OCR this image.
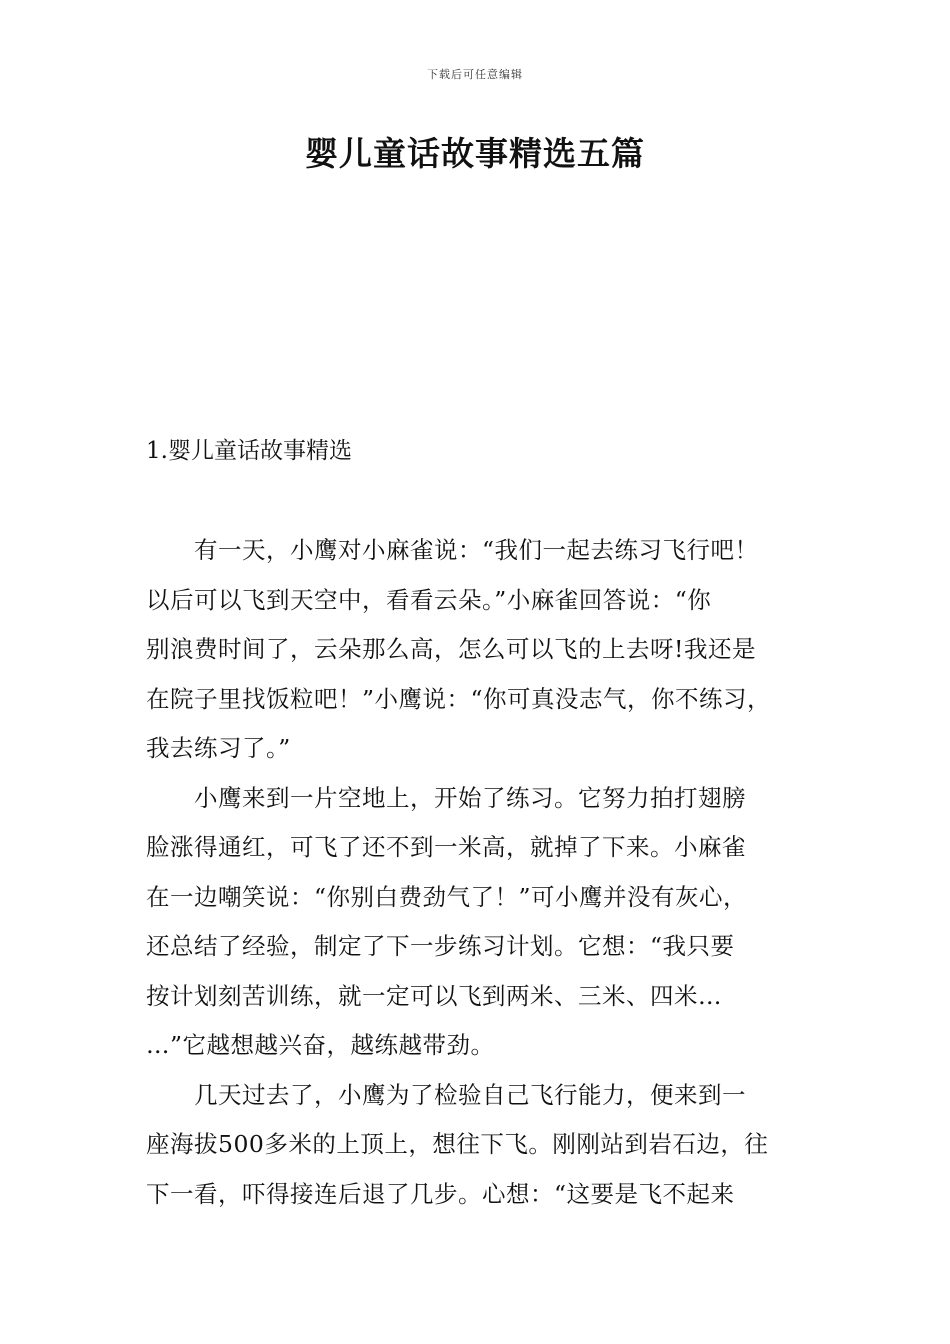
下载后可任意编辑
婴儿童话故事精选五篇
1.婴儿童话故事精选
有一天，小鹰对小麻雀说：“我们一起去练习飞行吧！
以后可以飞到天空中，看看云朵。”小麻雀回答说：“你
别浪费时间了，云朵那么高，怎么可以飞的上去呀!我还是
在院子里找饭粒吧！”小鹰说：“你可真没志气，你不练习，
我去练习了。”
小鹰来到一片空地上，开始了练习。它努力拍打翅膀
脸涨得通红，可飞了还不到一米高，就掉了下来。小麻雀
在一边嘲笑说：“你别白费劲气了！”可小鹰并没有灰心，
还总结了经验，制定了下一步练习计划。它想：“我只要
按计划刻苦训练，就一定可以飞到两米、三米、四米…
…”它越想越兴奋，越练越带劲。
几天过去了，小鹰为了检验自己飞行能力，便来到一
座海拔500多米的上顶上，想往下飞。刚刚站到岩石边，往
下一看，吓得接连后退了几步。心想：“这要是飞不起来
